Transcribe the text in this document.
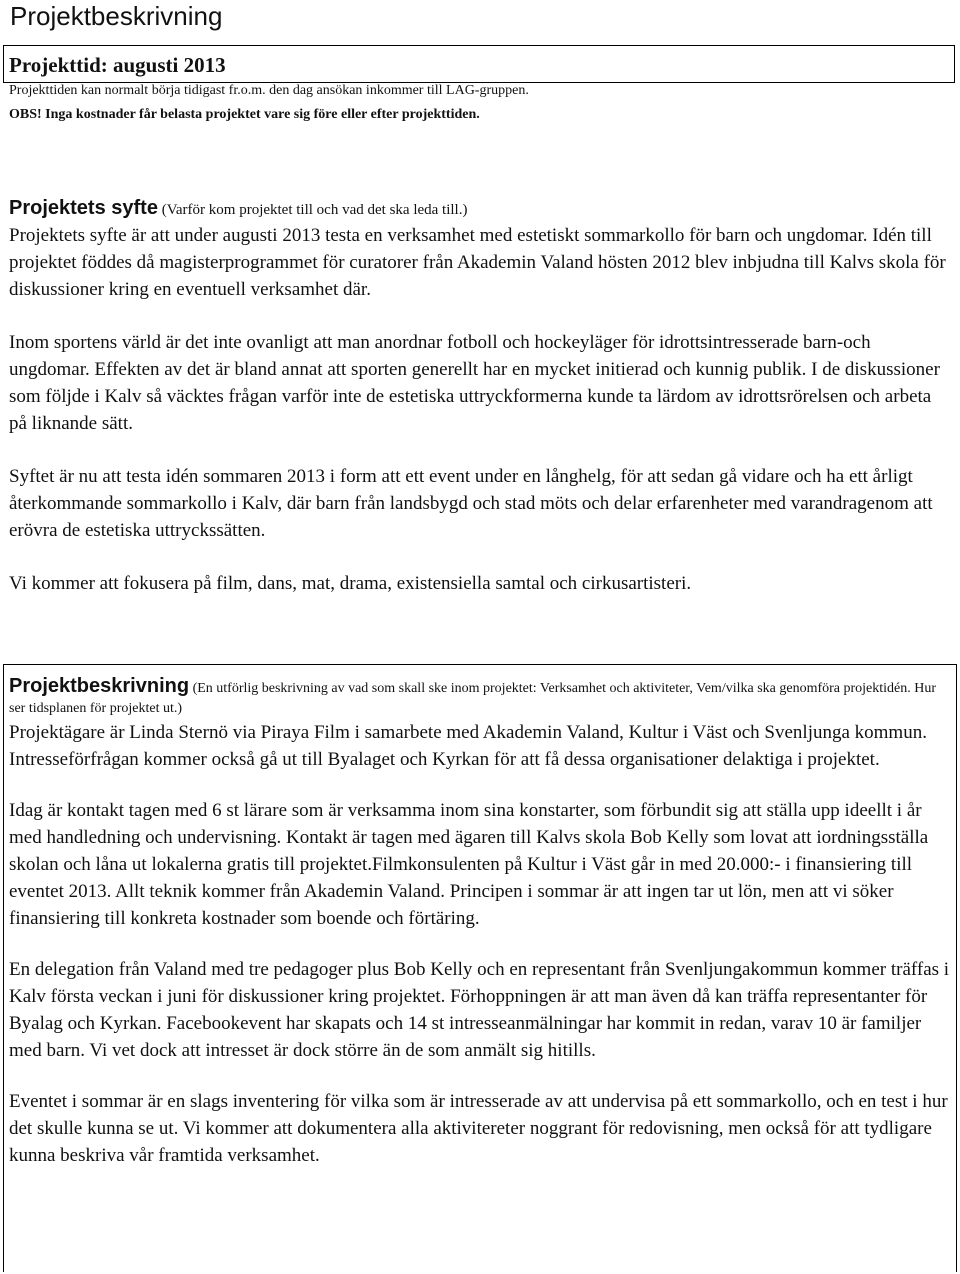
Projektbeskrivning
Projekttid: augusti 2013
Projekttiden kan normalt börja tidigast fr.o.m. den dag ansökan inkommer till LAG-gruppen.
OBS! Inga kostnader får belasta projektet vare sig före eller efter projekttiden.
Projektets syfte (Varför kom projektet till och vad det ska leda till.)

Projektets syfte är att under augusti 2013 testa en verksamhet med estetiskt sommarkollo för barn och ungdomar. Idén till projektet föddes då magisterprogrammet för curatorer från Akademin Valand hösten 2012 blev inbjudna till Kalvs skola för diskussioner kring en eventuell verksamhet där.

Inom sportens värld är det inte ovanligt att man anordnar fotboll och hockeyläger för idrottsintresserade barn-och ungdomar. Effekten av det är bland annat att sporten generellt har en mycket initierad och kunnig publik. I de diskussioner som följde i Kalv så väcktes frågan varför inte de estetiska uttryckformerna kunde ta lärdom av idrottsrörelsen och arbeta på liknande sätt.

Syftet är nu att testa idén sommaren 2013 i form att ett event under en långhelg, för att sedan gå vidare och ha ett årligt återkommande sommarkollo i Kalv, där barn från landsbygd och stad möts och delar erfarenheter med varandragenom att erövra de estetiska uttryckssätten.

Vi kommer att fokusera på film, dans, mat, drama, existensiella samtal och cirkusartisteri.

Projektbeskrivning (En utförlig beskrivning av vad som skall ske inom projektet: Verksamhet och aktiviteter, Vem/vilka ska genomföra projektidén. Hur ser tidsplanen för projektet ut.)

Projektägare är Linda Sternö via Piraya Film i samarbete med Akademin Valand, Kultur i Väst och Svenljunga kommun. Intresseförfrågan kommer också gå ut till Byalaget och Kyrkan för att få dessa organisationer delaktiga i projektet.

Idag är kontakt tagen med 6 st lärare som är verksamma inom sina konstarter, som förbundit sig att ställa upp ideellt i år med handledning och undervisning. Kontakt är tagen med ägaren till Kalvs skola Bob Kelly som lovat att iordningsställa skolan och låna ut lokalerna gratis till projektet.Filmkonsulenten på Kultur i Väst går in med 20.000:- i finansiering till eventet 2013. Allt teknik kommer från Akademin Valand. Principen i sommar är att ingen tar ut lön, men att vi söker finansiering till konkreta kostnader som boende och förtäring.

En delegation från Valand med tre pedagoger plus Bob Kelly och en representant från Svenljungakommun kommer träffas i Kalv första veckan i juni för diskussioner kring projektet. Förhoppningen är att man även då kan träffa representanter för Byalag och Kyrkan. Facebookevent har skapats och 14 st intresseanmälningar har kommit in redan, varav 10 är familjer med barn. Vi vet dock att intresset är dock större än de som anmält sig hitills.

Eventet i sommar är en slags inventering för vilka som är intresserade av att undervisa på ett sommarkollo, och en test i hur det skulle kunna se ut. Vi kommer att dokumentera alla aktivitereter noggrant för redovisning, men också för att tydligare kunna beskriva vår framtida verksamhet.
